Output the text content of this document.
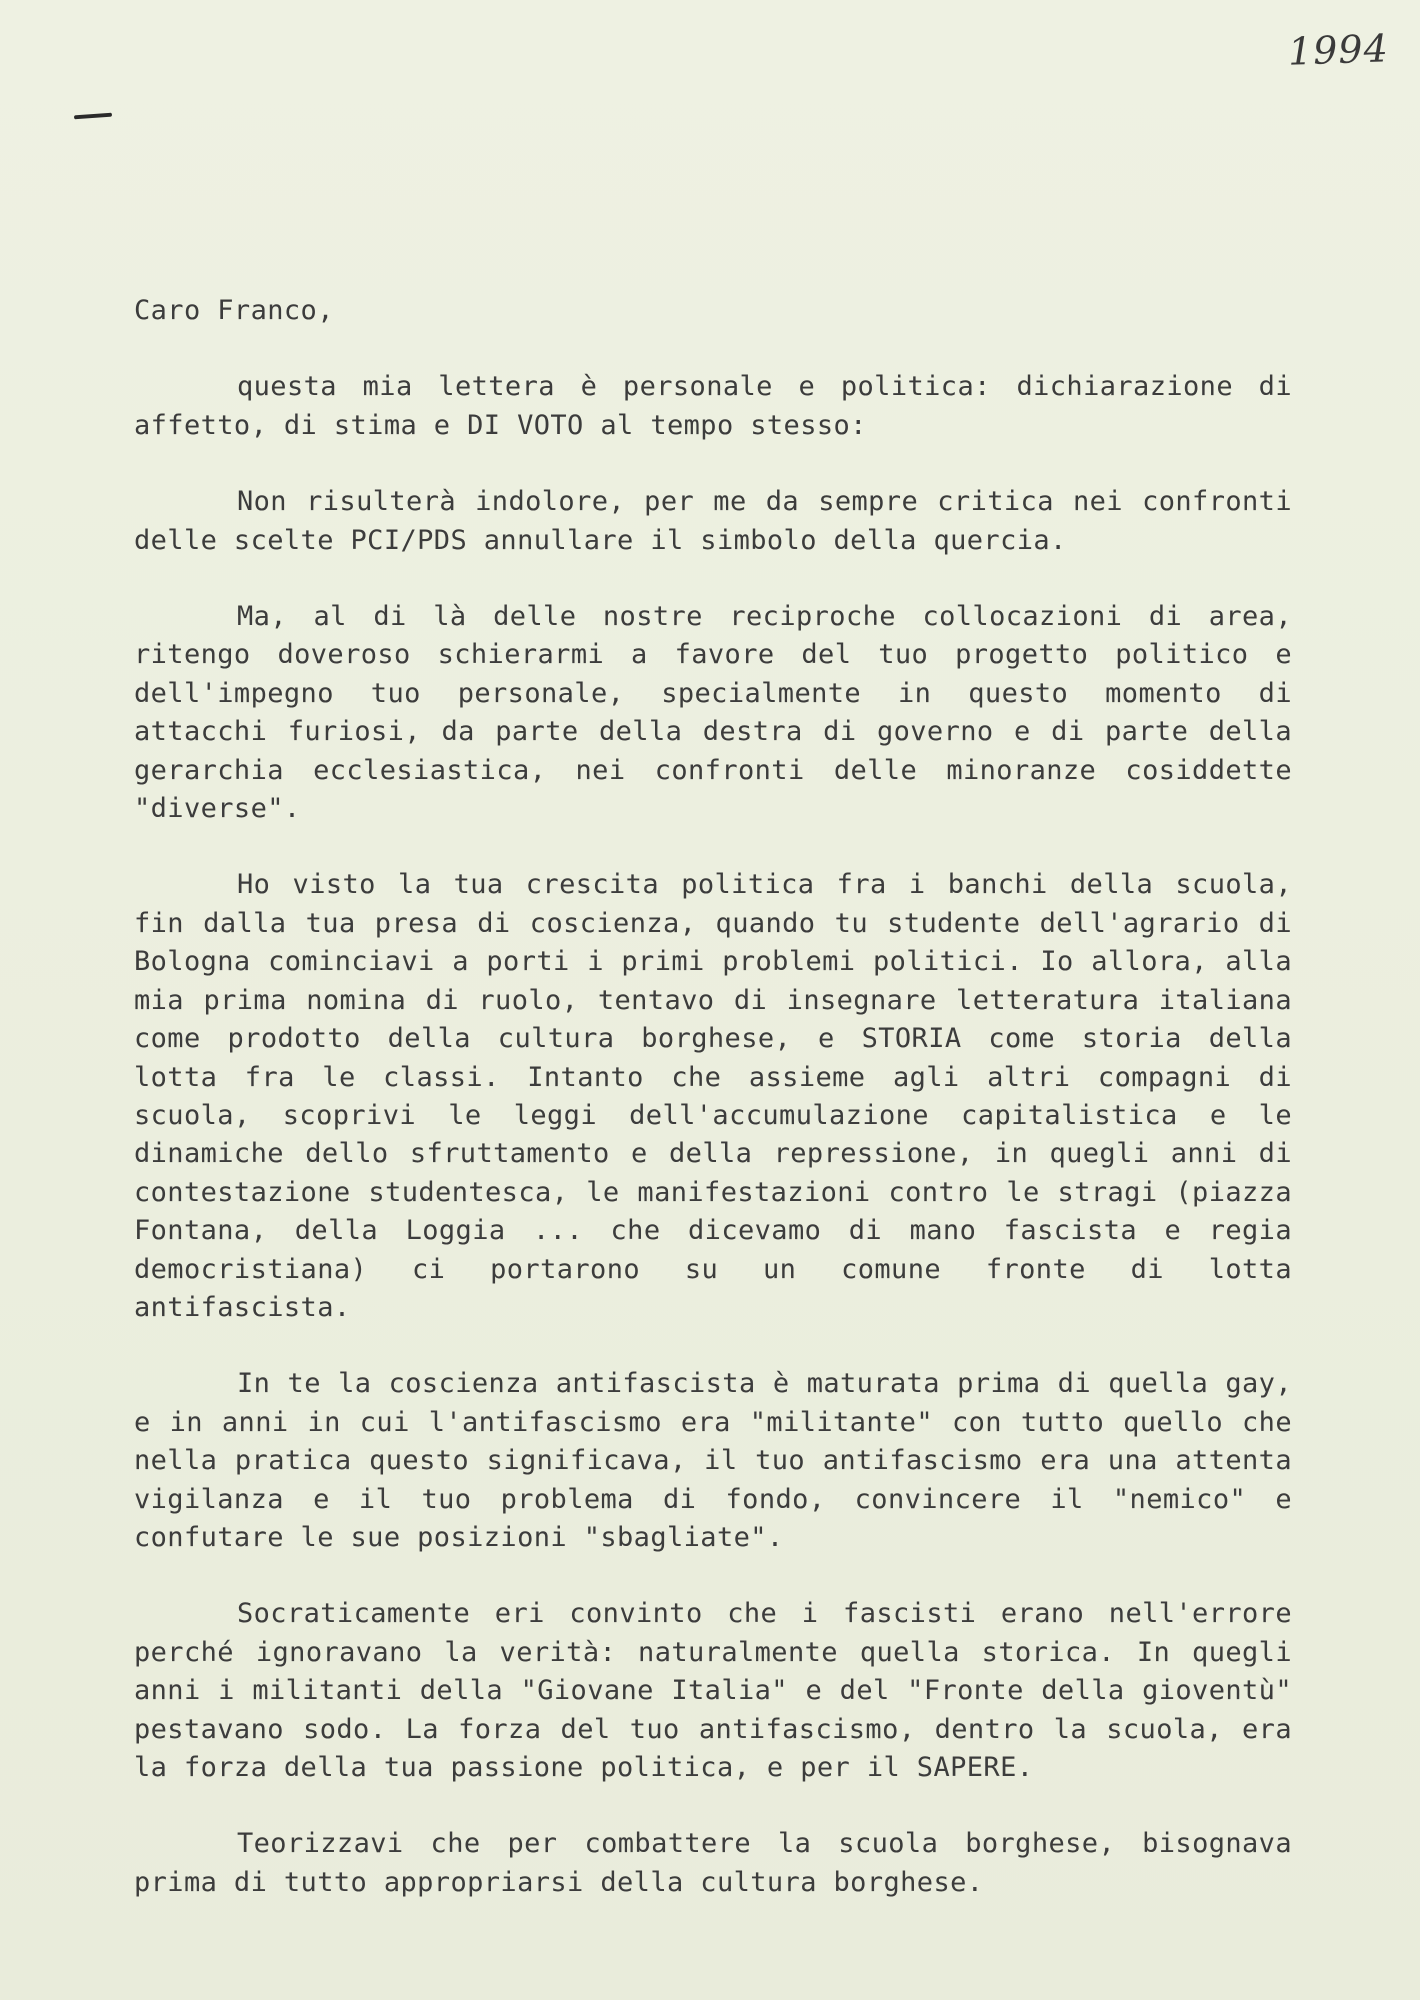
1994

Caro Franco,

questa mia lettera è personale e politica: dichiarazione di affetto, di stima e DI VOTO al tempo stesso:

Non risulterà indolore, per me da sempre critica nei confronti delle scelte PCI/PDS annullare il simbolo della quercia.

Ma, al di là delle nostre reciproche collocazioni di area, ritengo doveroso schierarmi a favore del tuo progetto politico e dell'impegno tuo personale, specialmente in questo momento di attacchi furiosi, da parte della destra di governo e di parte della gerarchia ecclesiastica, nei confronti delle minoranze cosiddette "diverse".

Ho visto la tua crescita politica fra i banchi della scuola, fin dalla tua presa di coscienza, quando tu studente dell'agrario di Bologna cominciavi a porti i primi problemi politici. Io allora, alla mia prima nomina di ruolo, tentavo di insegnare letteratura italiana come prodotto della cultura borghese, e STORIA come storia della lotta fra le classi. Intanto che assieme agli altri compagni di scuola, scoprivi le leggi dell'accumulazione capitalistica e le dinamiche dello sfruttamento e della repressione, in quegli anni di contestazione studentesca, le manifestazioni contro le stragi (piazza Fontana, della Loggia ... che dicevamo di mano fascista e regia democristiana) ci portarono su un comune fronte di lotta antifascista.

In te la coscienza antifascista è maturata prima di quella gay, e in anni in cui l'antifascismo era "militante" con tutto quello che nella pratica questo significava, il tuo antifascismo era una attenta vigilanza e il tuo problema di fondo, convincere il "nemico" e confutare le sue posizioni "sbagliate".

Socraticamente eri convinto che i fascisti erano nell'errore perché ignoravano la verità: naturalmente quella storica. In quegli anni i militanti della "Giovane Italia" e del "Fronte della gioventù" pestavano sodo. La forza del tuo antifascismo, dentro la scuola, era la forza della tua passione politica, e per il SAPERE.

Teorizzavi che per combattere la scuola borghese, bisognava prima di tutto appropriarsi della cultura borghese.
